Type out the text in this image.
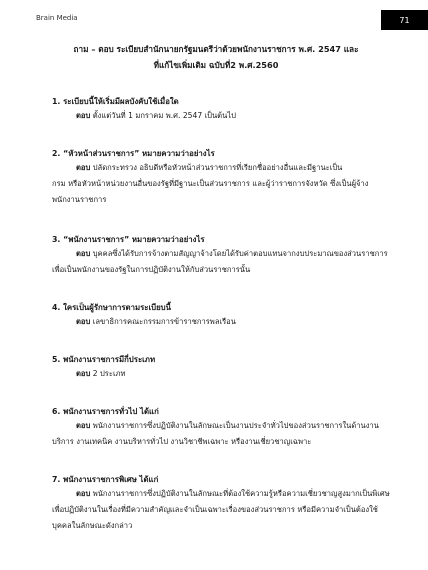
Brain Media	71
ถาม – ตอบ ระเบียบสำนักนายกรัฐมนตรีว่าด้วยพนักงานราชการ พ.ศ. 2547 และ
ที่แก้ไขเพิ่มเติม ฉบับที่2 พ.ศ.2560
1. ระเบียบนี้ให้เริ่มมีผลบังคับใช้เมื่อใด
ตอบ ตั้งแต่วันที่ 1 มกราคม พ.ศ. 2547 เป็นต้นไป
2. “หัวหน้าส่วนราชการ” หมายความว่าอย่างไร
ตอบ ปลัดกระทรวง อธิบดีหรือหัวหน้าส่วนราชการที่เรียกชื่ออย่างอื่นและมีฐานะเป็น
กรม หรือหัวหน้าหน่วยงานอื่นของรัฐที่มีฐานะเป็นส่วนราชการ และผู้ว่าราชการจังหวัด ซึ่งเป็นผู้จ้าง
พนักงานราชการ
3. “พนักงานราชการ” หมายความว่าอย่างไร
ตอบ บุคคลซึ่งได้รับการจ้างตามสัญญาจ้างโดยได้รับค่าตอบแทนจากงบประมาณของส่วนราชการ
เพื่อเป็นพนักงานของรัฐในการปฏิบัติงานให้กับส่วนราชการนั้น
4. ใครเป็นผู้รักษาการตามระเบียบนี้
ตอบ เลขาธิการคณะกรรมการข้าราชการพลเรือน
5. พนักงานราชการมีกี่ประเภท
ตอบ 2 ประเภท
6. พนักงานราชการทั่วไป ได้แก่
ตอบ พนักงานราชการซึ่งปฏิบัติงานในลักษณะเป็นงานประจำทั่วไปของส่วนราชการในด้านงาน
บริการ งานเทคนิค งานบริหารทั่วไป งานวิชาชีพเฉพาะ หรืองานเชี่ยวชาญเฉพาะ
7. พนักงานราชการพิเศษ ได้แก่
ตอบ พนักงานราชการซึ่งปฏิบัติงานในลักษณะที่ต้องใช้ความรู้หรือความเชี่ยวชาญสูงมากเป็นพิเศษ
เพื่อปฏิบัติงานในเรื่องที่มีความสำคัญและจำเป็นเฉพาะเรื่องของส่วนราชการ หรือมีความจำเป็นต้องใช้
บุคคลในลักษณะดังกล่าว
